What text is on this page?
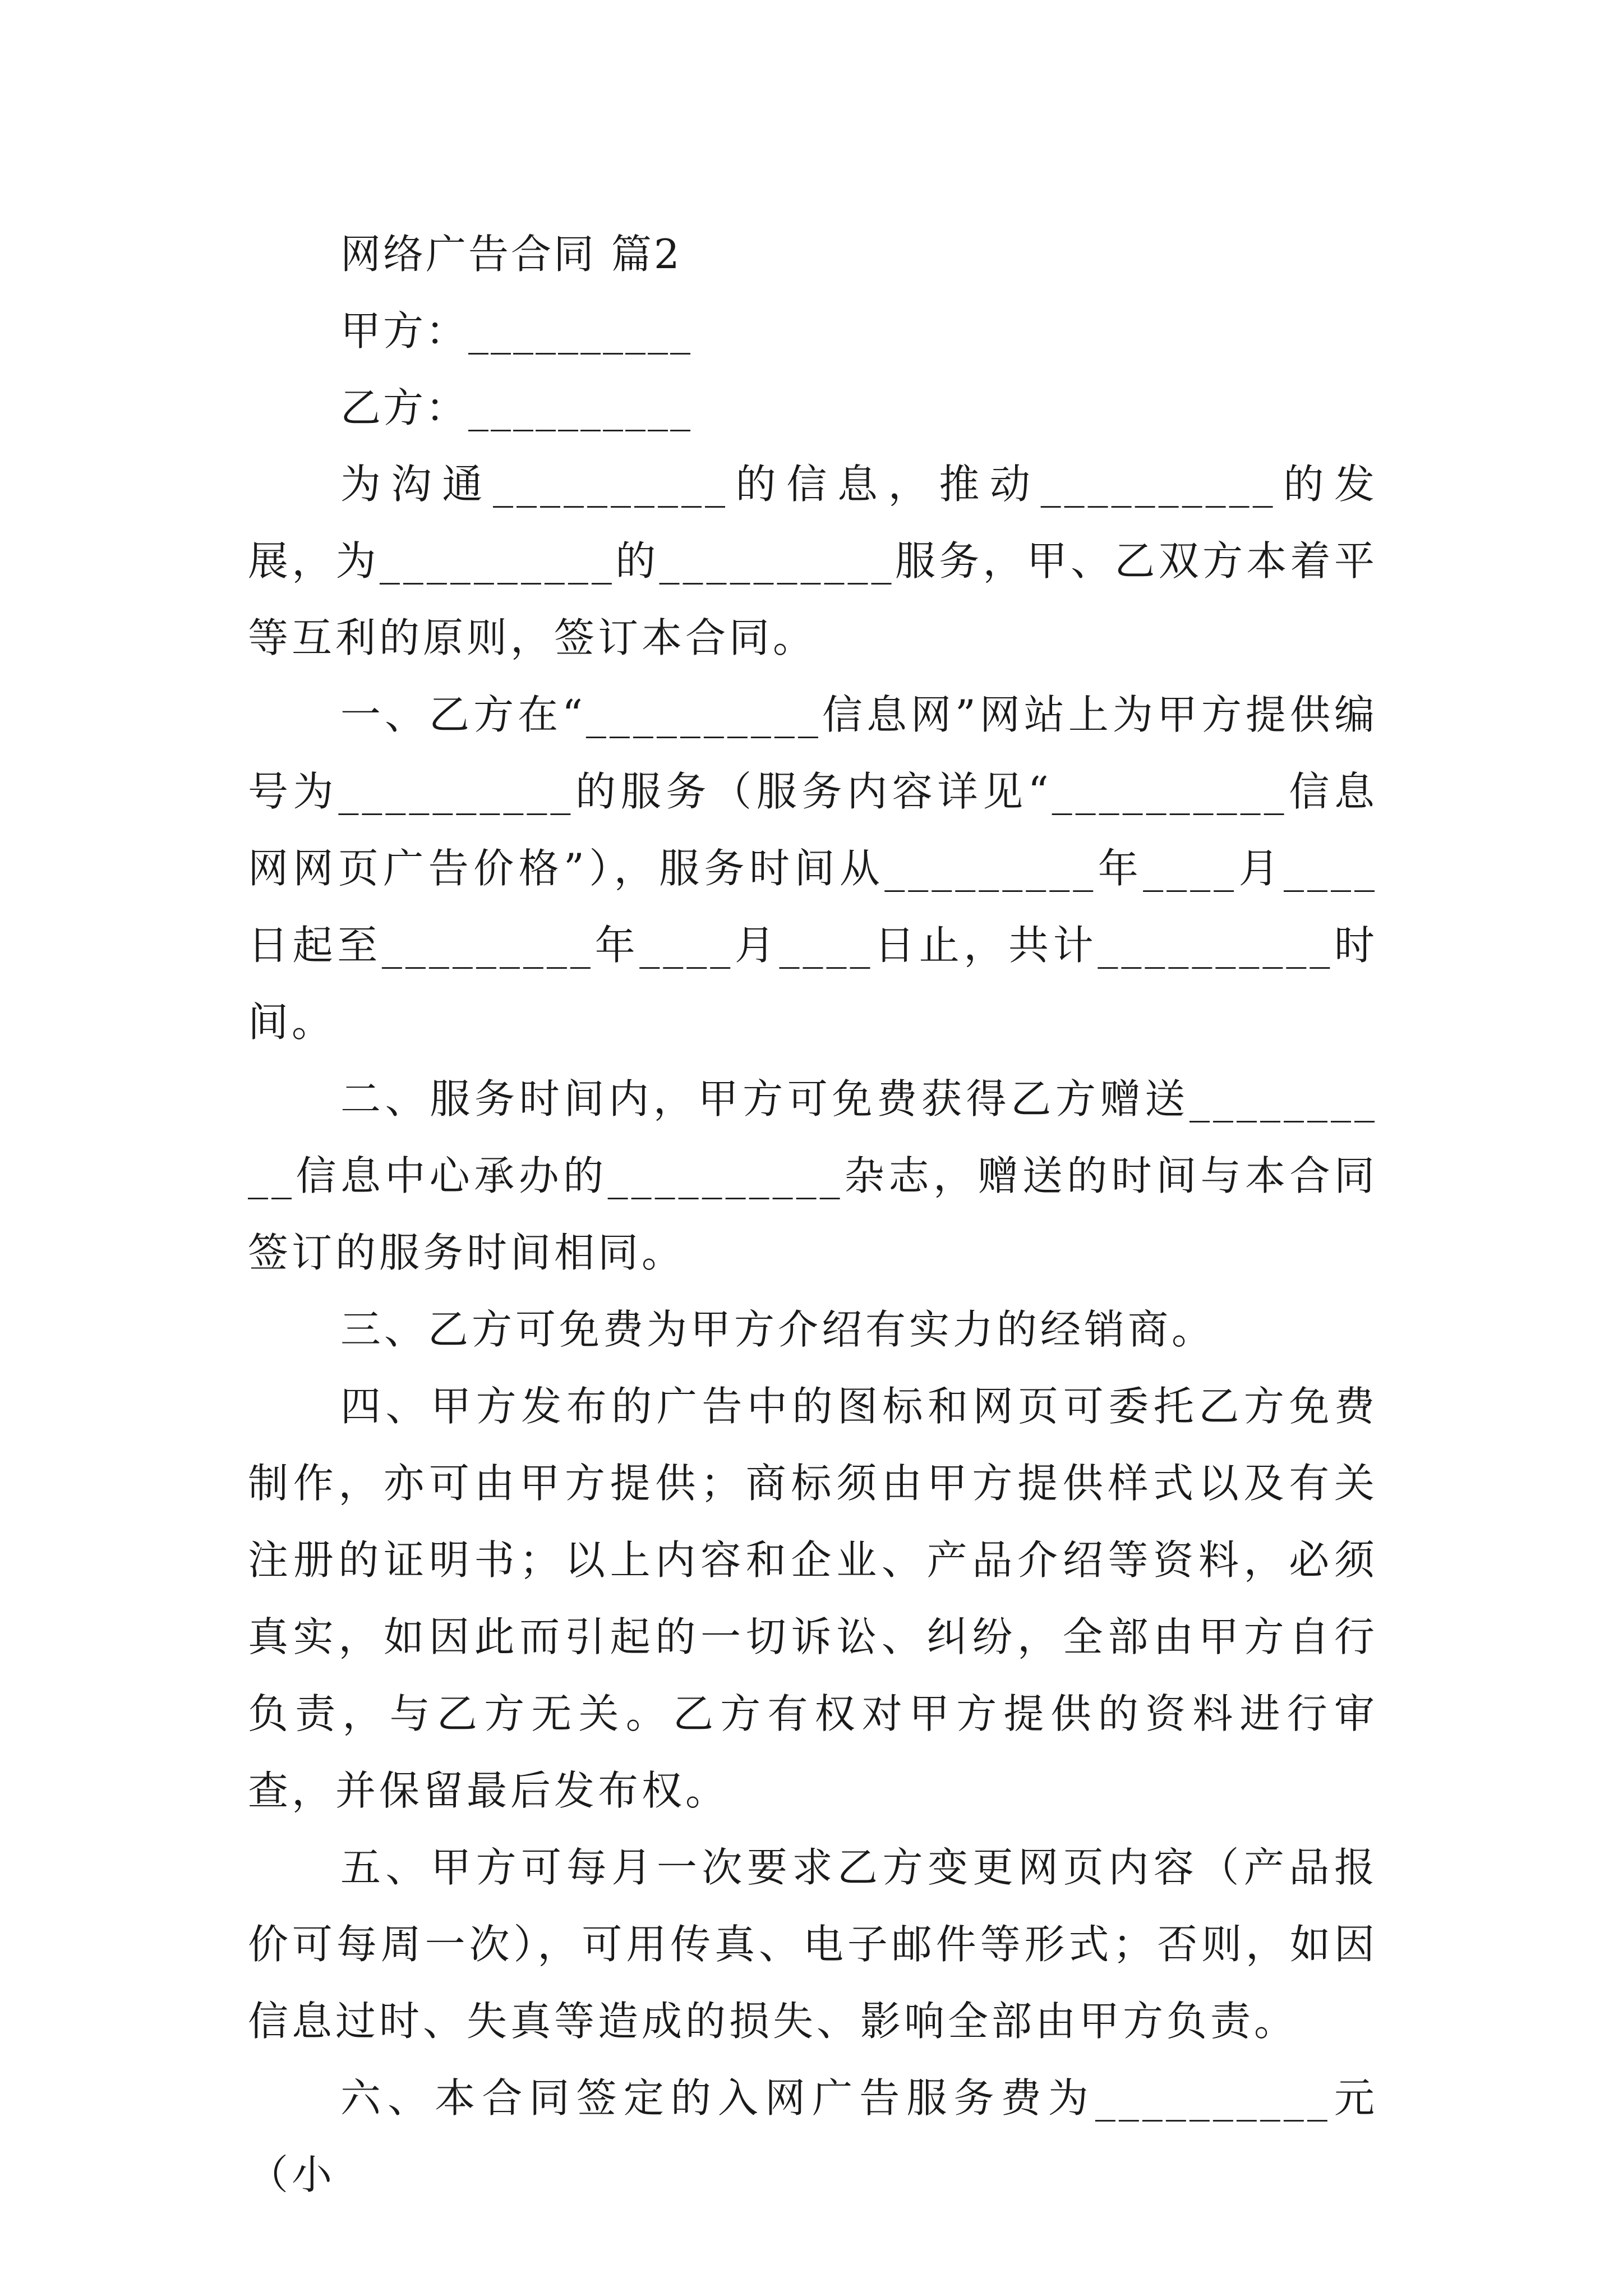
网络广告合同 篇2

甲方：__________

乙方：__________

为沟通__________的信息，推动__________的发展，为__________的__________服务，甲、乙双方本着平等互利的原则，签订本合同。

一、乙方在“__________信息网”网站上为甲方提供编号为__________的服务（服务内容详见“__________信息网网页广告价格”），服务时间从_________年____月____日起至_________年____月____日止，共计__________时间。

二、服务时间内，甲方可免费获得乙方赠送__________信息中心承办的__________杂志，赠送的时间与本合同签订的服务时间相同。

三、乙方可免费为甲方介绍有实力的经销商。

四、甲方发布的广告中的图标和网页可委托乙方免费制作，亦可由甲方提供；商标须由甲方提供样式以及有关注册的证明书；以上内容和企业、产品介绍等资料，必须真实，如因此而引起的一切诉讼、纠纷，全部由甲方自行负责，与乙方无关。乙方有权对甲方提供的资料进行审查，并保留最后发布权。

五、甲方可每月一次要求乙方变更网页内容（产品报价可每周一次），可用传真、电子邮件等形式；否则，如因信息过时、失真等造成的损失、影响全部由甲方负责。

六、本合同签定的入网广告服务费为__________元（小
